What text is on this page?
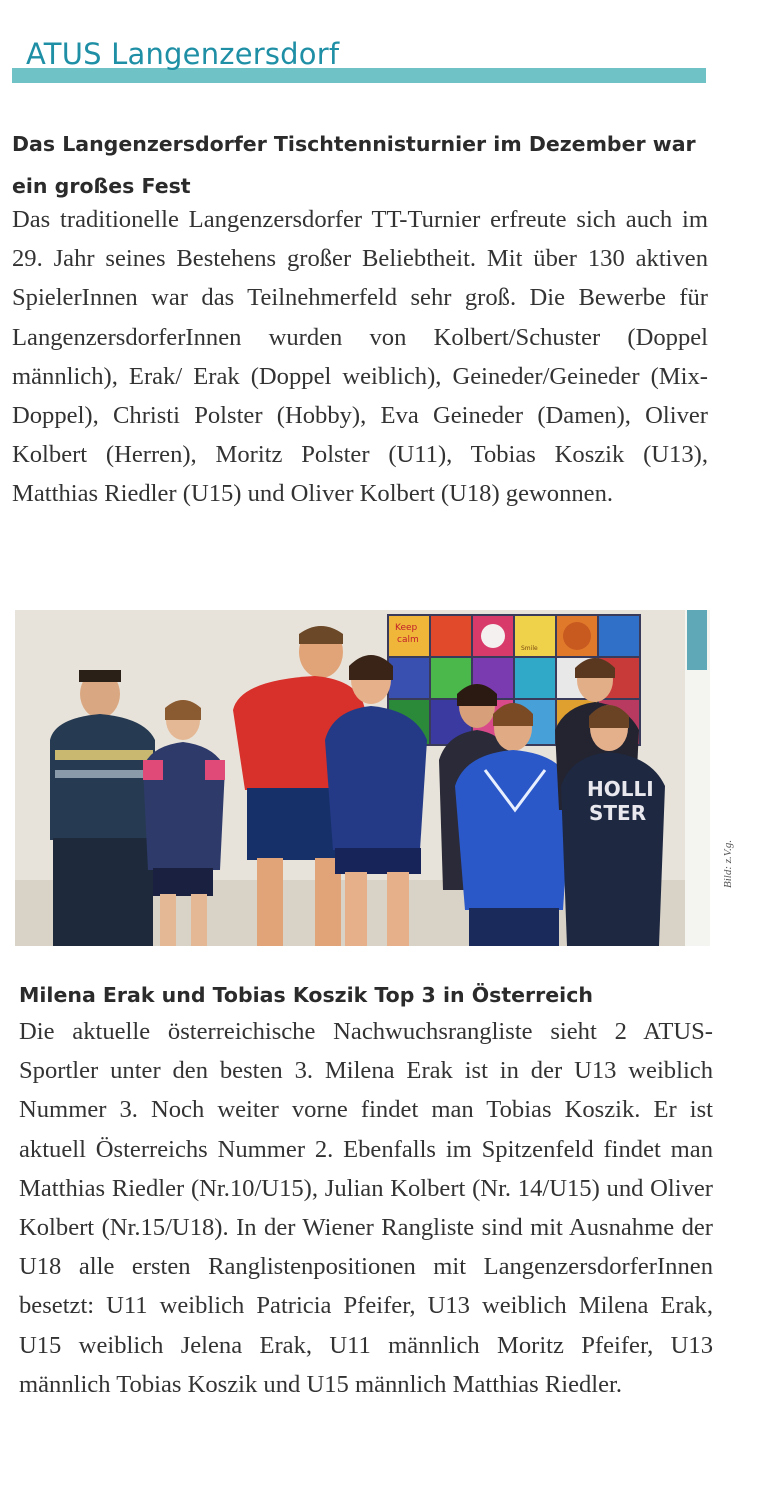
ATUS Langenzersdorf
Das Langenzersdorfer Tischtennisturnier im Dezember war ein großes Fest

Das traditionelle Langenzersdorfer TT-Turnier erfreute sich auch im 29. Jahr seines Bestehens großer Beliebtheit. Mit über 130 aktiven SpielerInnen war das Teilnehmerfeld sehr groß. Die Bewerbe für LangenzersdorferInnen wurden von Kolbert/Schuster (Doppel männlich), Erak/ Erak (Doppel weiblich), Geineder/Geineder (Mix-Doppel), Christi Polster (Hobby), Eva Geineder (Damen), Oliver Kolbert (Herren), Moritz Polster (U11), Tobias Koszik (U13), Matthias Riedler (U15) und Oliver Kolbert (U18) gewonnen.

Keep
calm
Smile
HOLLI
STER
Bild: z.V.g.
Milena Erak und Tobias Koszik Top 3 in Österreich

Die aktuelle österreichische Nachwuchsrangliste sieht 2 ATUS-Sportler unter den besten 3. Milena Erak ist in der U13 weiblich Nummer 3. Noch weiter vorne findet man Tobias Koszik. Er ist aktuell Österreichs Nummer 2. Ebenfalls im Spitzenfeld findet man Matthias Riedler (Nr.10/U15), Julian Kolbert (Nr. 14/U15) und Oliver Kolbert (Nr.15/U18). In der Wiener Rangliste sind mit Ausnahme der U18 alle ersten Ranglistenpositionen mit LangenzersdorferInnen besetzt: U11 weiblich Patricia Pfeifer, U13 weiblich Milena Erak, U15 weiblich Jelena Erak, U11 männlich Moritz Pfeifer, U13 männlich Tobias Koszik und U15 männlich Matthias Riedler.
